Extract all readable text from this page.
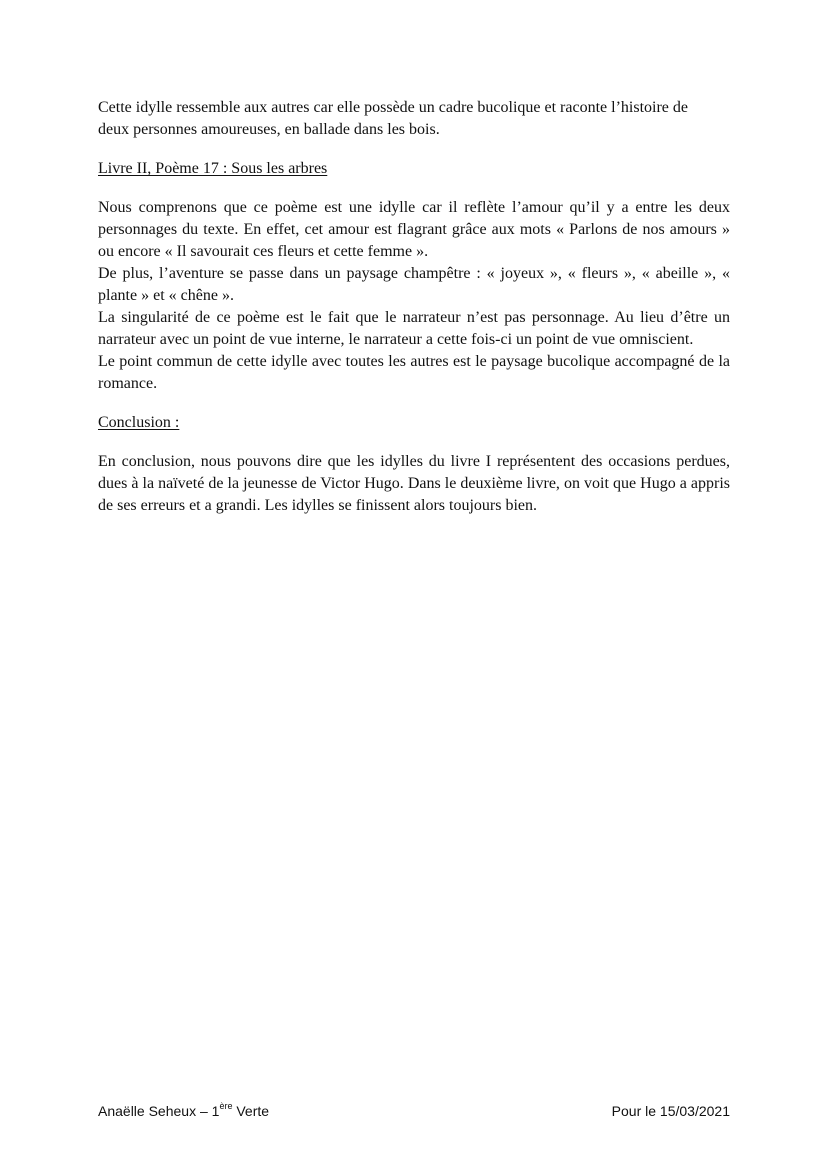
Cette idylle ressemble aux autres car elle possède un cadre bucolique et raconte l’histoire de
deux personnes amoureuses, en ballade dans les bois.

Livre II, Poème 17 : Sous les arbres

Nous comprenons que ce poème est une idylle car il reflète l’amour qu’il y a entre les deux personnages du texte. En effet, cet amour est flagrant grâce aux mots « Parlons de nos amours » ou encore « Il savourait ces fleurs et cette femme ».

De plus, l’aventure se passe dans un paysage champêtre : « joyeux », « fleurs », « abeille », « plante » et « chêne ».

La singularité de ce poème est le fait que le narrateur n’est pas personnage. Au lieu d’être un narrateur avec un point de vue interne, le narrateur a cette fois-ci un point de vue omniscient.

Le point commun de cette idylle avec toutes les autres est le paysage bucolique accompagné de la romance.

Conclusion :

En conclusion, nous pouvons dire que les idylles du livre I représentent des occasions perdues, dues à la naïveté de la jeunesse de Victor Hugo. Dans le deuxième livre, on voit que Hugo a appris de ses erreurs et a grandi. Les idylles se finissent alors toujours bien.

Anaëlle Seheux – 1ère Verte	Pour le 15/03/2021
